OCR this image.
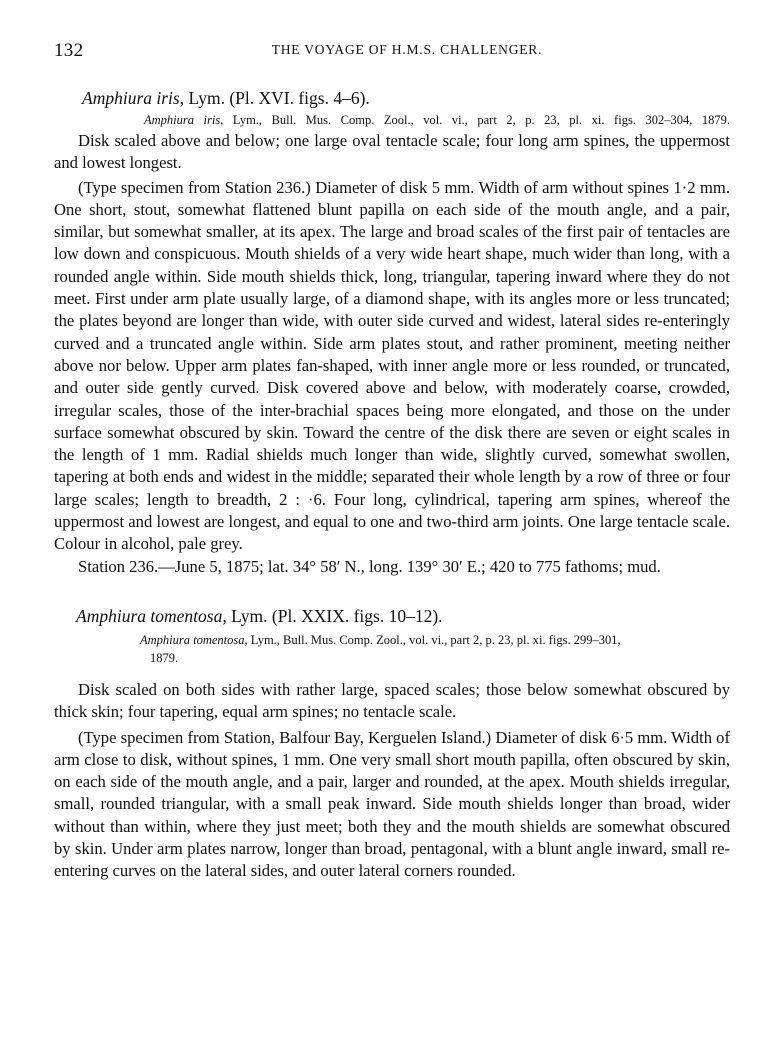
132	THE VOYAGE OF H.M.S. CHALLENGER.

Amphiura iris, Lym. (Pl. XVI. figs. 4–6).

Amphiura iris, Lym., Bull. Mus. Comp. Zool., vol. vi., part 2, p. 23, pl. xi. figs. 302–304, 1879.

Disk scaled above and below; one large oval tentacle scale; four long arm spines, the uppermost and lowest longest.

(Type specimen from Station 236.) Diameter of disk 5 mm. Width of arm without spines 1·2 mm. One short, stout, somewhat flattened blunt papilla on each side of the mouth angle, and a pair, similar, but somewhat smaller, at its apex. The large and broad scales of the first pair of tentacles are low down and conspicuous. Mouth shields of a very wide heart shape, much wider than long, with a rounded angle within. Side mouth shields thick, long, triangular, tapering inward where they do not meet. First under arm plate usually large, of a diamond shape, with its angles more or less truncated; the plates beyond are longer than wide, with outer side curved and widest, lateral sides re-enteringly curved and a truncated angle within. Side arm plates stout, and rather prominent, meeting neither above nor below. Upper arm plates fan-shaped, with inner angle more or less rounded, or truncated, and outer side gently curved. Disk covered above and below, with moderately coarse, crowded, irregular scales, those of the inter-brachial spaces being more elongated, and those on the under surface somewhat obscured by skin. Toward the centre of the disk there are seven or eight scales in the length of 1 mm. Radial shields much longer than wide, slightly curved, somewhat swollen, tapering at both ends and widest in the middle; separated their whole length by a row of three or four large scales; length to breadth, 2 : ·6. Four long, cylindrical, tapering arm spines, whereof the uppermost and lowest are longest, and equal to one and two-third arm joints. One large tentacle scale. Colour in alcohol, pale grey.

Station 236.—June 5, 1875; lat. 34° 58′ N., long. 139° 30′ E.; 420 to 775 fathoms; mud.

Amphiura tomentosa, Lym. (Pl. XXIX. figs. 10–12).

Amphiura tomentosa, Lym., Bull. Mus. Comp. Zool., vol. vi., part 2, p. 23, pl. xi. figs. 299–301,
1879.

Disk scaled on both sides with rather large, spaced scales; those below somewhat obscured by thick skin; four tapering, equal arm spines; no tentacle scale.

(Type specimen from Station, Balfour Bay, Kerguelen Island.) Diameter of disk 6·5 mm. Width of arm close to disk, without spines, 1 mm. One very small short mouth papilla, often obscured by skin, on each side of the mouth angle, and a pair, larger and rounded, at the apex. Mouth shields irregular, small, rounded triangular, with a small peak inward. Side mouth shields longer than broad, wider without than within, where they just meet; both they and the mouth shields are somewhat obscured by skin. Under arm plates narrow, longer than broad, pentagonal, with a blunt angle inward, small re-entering curves on the lateral sides, and outer lateral corners rounded.
